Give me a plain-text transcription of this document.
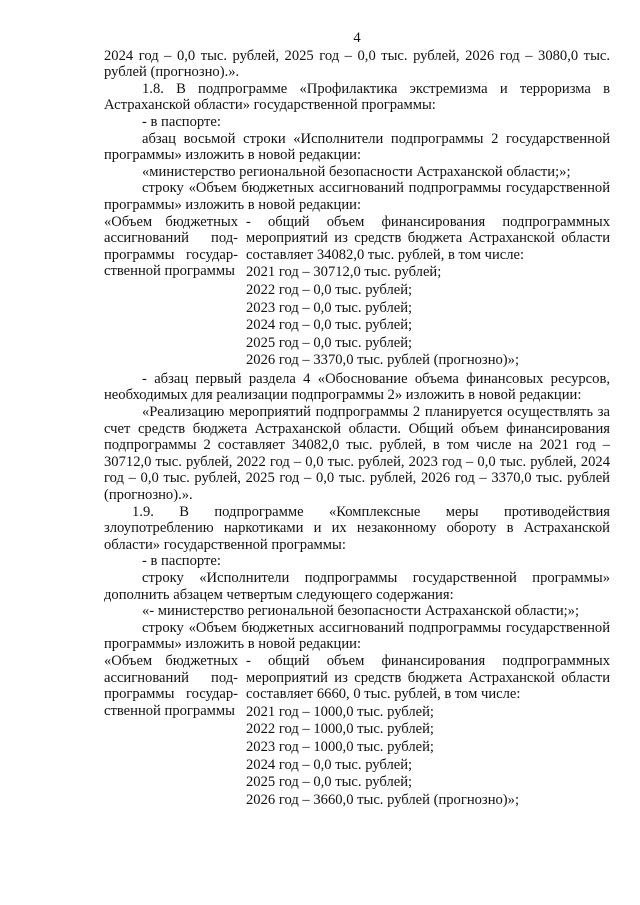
4

2024 год – 0,0 тыс. рублей, 2025 год – 0,0 тыс. рублей, 2026 год – 3080,0 тыс. рублей (прогнозно).».

1.8. В подпрограмме «Профилактика экстремизма и терроризма в Астраханской области» государственной программы:

- в паспорте:

абзац восьмой строки «Исполнители подпрограммы 2 государственной программы» изложить в новой редакции:

«министерство региональной безопасности Астраханской области;»;

строку «Объем бюджетных ассигнований подпрограммы государственной программы» изложить в новой редакции:

«Объем бюджетных
ассигнований под-
программы государ-
ственной программы

- общий объем финансирования подпрограммных мероприятий из средств бюджета Астраханской области составляет 34082,0 тыс. рублей, в том числе:

2021 год – 30712,0 тыс. рублей;

2022 год – 0,0 тыс. рублей;

2023 год – 0,0 тыс. рублей;

2024 год – 0,0 тыс. рублей;

2025 год – 0,0 тыс. рублей;

2026 год – 3370,0 тыс. рублей (прогнозно)»;

- абзац первый раздела 4 «Обоснование объема финансовых ресурсов, необходимых для реализации подпрограммы 2» изложить в новой редакции:

«Реализацию мероприятий подпрограммы 2 планируется осуществлять за счет средств бюджета Астраханской области. Общий объем финансирования подпрограммы 2 составляет 34082,0 тыс. рублей, в том числе на 2021 год – 30712,0 тыс. рублей, 2022 год – 0,0 тыс. рублей, 2023 год – 0,0 тыс. рублей, 2024 год – 0,0 тыс. рублей, 2025 год – 0,0 тыс. рублей, 2026 год – 3370,0 тыс. рублей (прогнозно).».

1.9. В подпрограмме «Комплексные меры противодействия злоупотреблению наркотиками и их незаконному обороту в Астраханской области» государственной программы:

- в паспорте:

строку «Исполнители подпрограммы государственной программы» дополнить абзацем четвертым следующего содержания:

«- министерство региональной безопасности Астраханской области;»;

строку «Объем бюджетных ассигнований подпрограммы государственной программы» изложить в новой редакции:

«Объем бюджетных
ассигнований под-
программы государ-
ственной программы

- общий объем финансирования подпрограммных мероприятий из средств бюджета Астраханской области составляет 6660, 0 тыс. рублей, в том числе:

2021 год – 1000,0 тыс. рублей;

2022 год – 1000,0 тыс. рублей;

2023 год – 1000,0 тыс. рублей;

2024 год – 0,0 тыс. рублей;

2025 год – 0,0 тыс. рублей;

2026 год – 3660,0 тыс. рублей (прогнозно)»;
